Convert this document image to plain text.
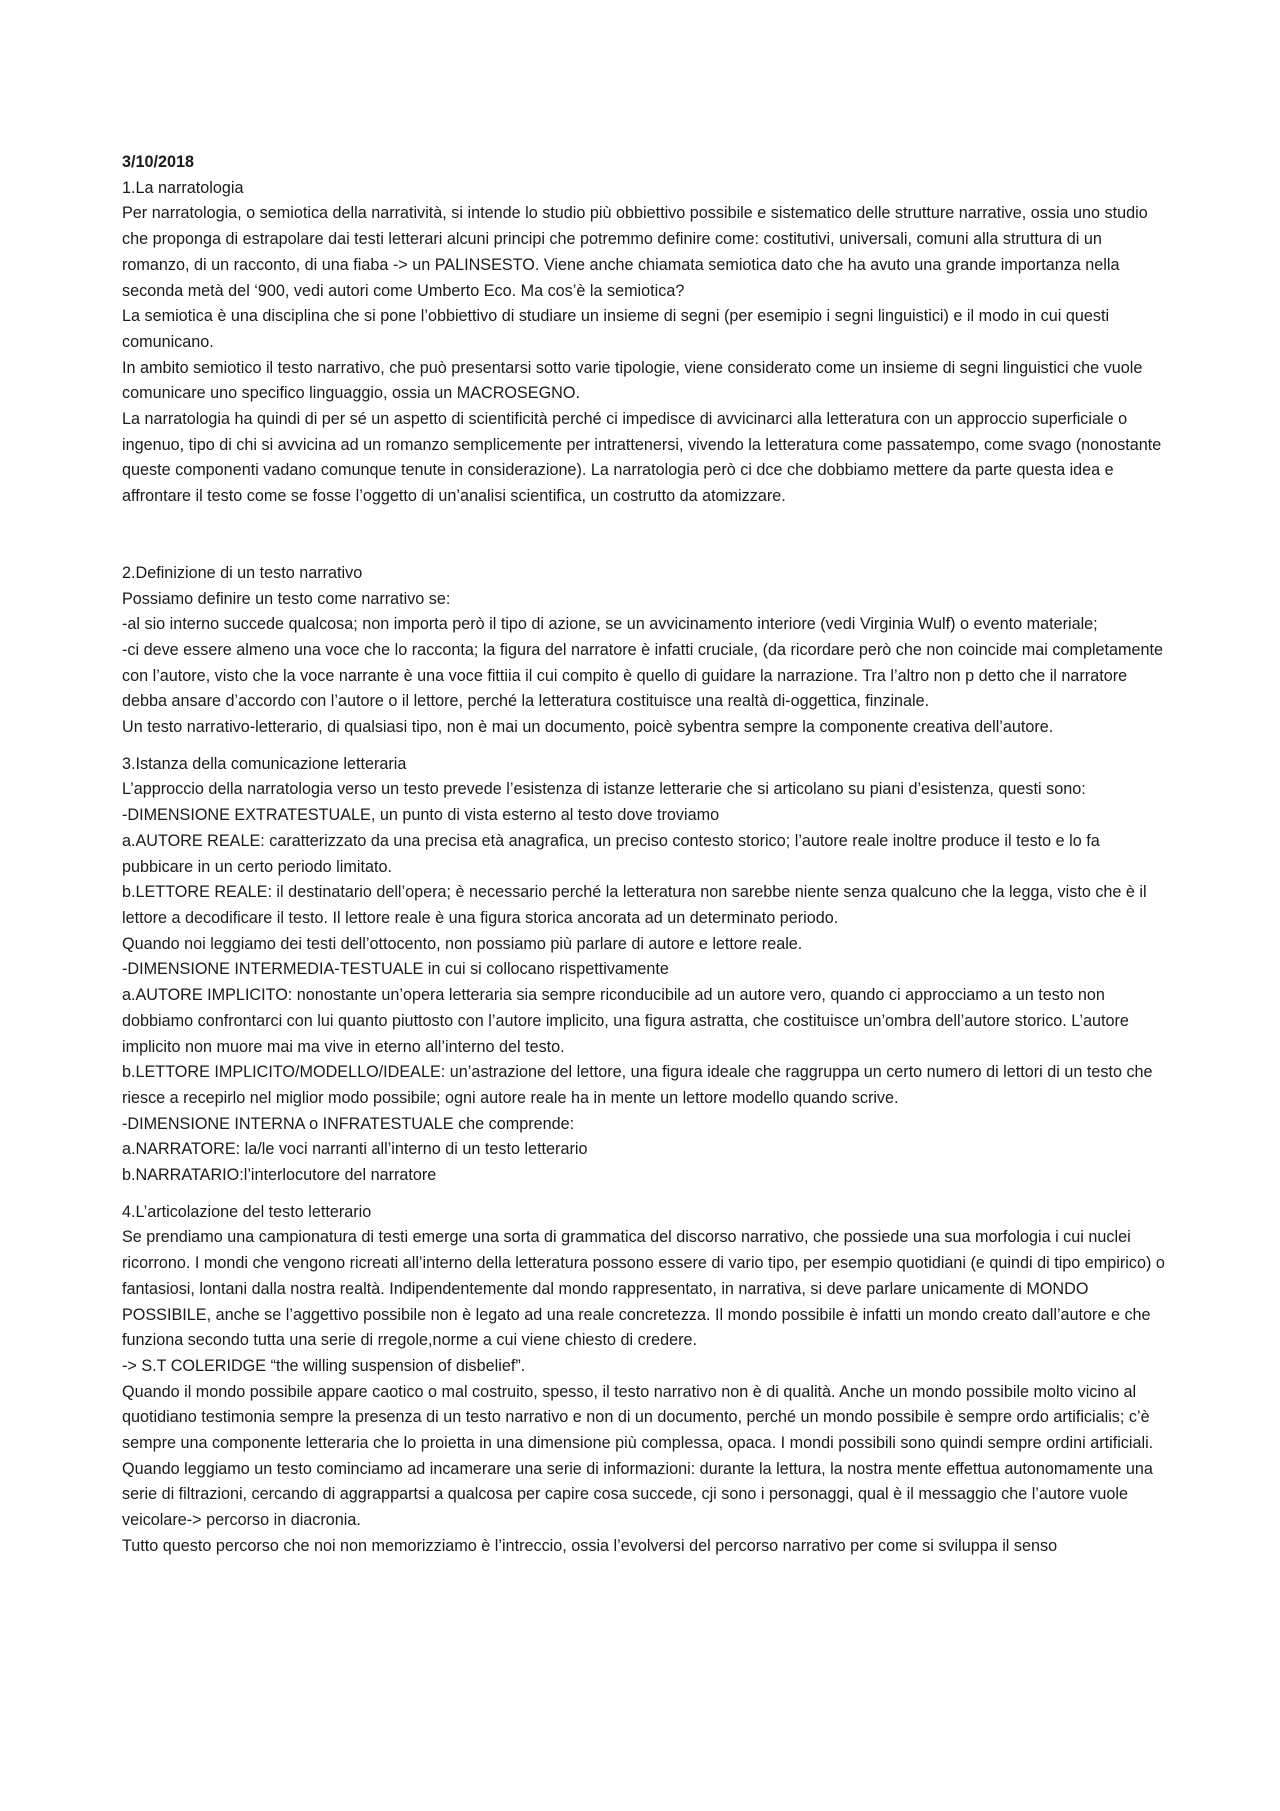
3/10/2018

1.La narratologia

Per narratologia, o semiotica della narratività, si intende lo studio più obbiettivo possibile e sistematico delle strutture narrative, ossia uno studio che proponga di estrapolare dai testi letterari alcuni principi che potremmo definire come: costitutivi, universali, comuni alla struttura di un romanzo, di un racconto, di una fiaba -> un PALINSESTO. Viene anche chiamata semiotica dato che ha avuto una grande importanza nella seconda metà del ‘900, vedi autori come Umberto Eco. Ma cos’è la semiotica?

La semiotica è una disciplina che si pone l’obbiettivo di studiare un insieme di segni (per esemipio i segni linguistici) e il modo in cui questi comunicano.

In ambito semiotico il testo narrativo, che può presentarsi sotto varie tipologie, viene considerato come un insieme di segni linguistici che vuole comunicare uno specifico linguaggio, ossia un MACROSEGNO.

La narratologia ha quindi di per sé un aspetto di scientificità perché ci impedisce di avvicinarci alla letteratura con un approccio superficiale o ingenuo, tipo di chi si avvicina ad un romanzo semplicemente per intrattenersi, vivendo la letteratura come passatempo, come svago (nonostante queste componenti vadano comunque tenute in considerazione). La narratologia però ci dce che dobbiamo mettere da parte questa idea e affrontare il testo come se fosse l’oggetto di un’analisi scientifica, un costrutto da atomizzare.

2.Definizione di un testo narrativo

Possiamo definire un testo come narrativo se:

-al sio interno succede qualcosa; non importa però il tipo di azione, se un avvicinamento interiore (vedi Virginia Wulf) o evento materiale;

-ci deve essere almeno una voce che lo racconta; la figura del narratore è infatti cruciale, (da ricordare però che non coincide mai completamente con l’autore, visto che la voce narrante è una voce fittiia il cui compito è quello di guidare la narrazione. Tra l’altro non p detto che il narratore debba ansare d’accordo con l’autore o il lettore, perché la letteratura costituisce una realtà di-oggettica, finzinale.

Un testo narrativo-letterario, di qualsiasi tipo, non è mai un documento, poicè sybentra sempre la componente creativa dell’autore.

3.Istanza della comunicazione letteraria

L’approccio della narratologia verso un testo prevede l’esistenza di istanze letterarie che si articolano su piani d’esistenza, questi sono:

-DIMENSIONE EXTRATESTUALE, un punto di vista esterno al testo dove troviamo

a.AUTORE REALE: caratterizzato da una precisa età anagrafica, un preciso contesto storico; l’autore reale inoltre produce il testo e lo fa pubbicare in un certo periodo limitato.

b.LETTORE REALE: il destinatario dell’opera; è necessario perché la letteratura non sarebbe niente senza qualcuno che la legga, visto che è il lettore a decodificare il testo. Il lettore reale è una figura storica ancorata ad un determinato periodo.

Quando noi leggiamo dei testi dell’ottocento, non possiamo più parlare di autore e lettore reale.

-DIMENSIONE INTERMEDIA-TESTUALE in cui si collocano rispettivamente

a.AUTORE IMPLICITO: nonostante un’opera letteraria sia sempre riconducibile ad un autore vero, quando ci approcciamo a un testo non dobbiamo confrontarci con lui quanto piuttosto con l’autore implicito, una figura astratta, che costituisce un’ombra dell’autore storico. L’autore implicito non muore mai ma vive in eterno all’interno del testo.

b.LETTORE IMPLICITO/MODELLO/IDEALE: un’astrazione del lettore, una figura ideale che raggruppa un certo numero di lettori di un testo che riesce a recepirlo nel miglior modo possibile; ogni autore reale ha in mente un lettore modello quando scrive.

-DIMENSIONE INTERNA o INFRATESTUALE che comprende:

a.NARRATORE: la/le voci narranti all’interno di un testo letterario

b.NARRATARIO:l’interlocutore del narratore

4.L’articolazione del testo letterario

Se prendiamo una campionatura di testi emerge una sorta di grammatica del discorso narrativo, che possiede una sua morfologia i cui nuclei ricorrono. I mondi che vengono ricreati all’interno della letteratura possono essere di vario tipo, per esempio quotidiani (e quindi di tipo empirico) o fantasiosi, lontani dalla nostra realtà. Indipendentemente dal mondo rappresentato, in narrativa, si deve parlare unicamente di MONDO POSSIBILE, anche se l’aggettivo possibile non è legato ad una reale concretezza. Il mondo possibile è infatti un mondo creato dall’autore e che funziona secondo tutta una serie di rregole,norme a cui viene chiesto di credere.

-> S.T COLERIDGE “the willing suspension of disbelief”.

Quando il mondo possibile appare caotico o mal costruito, spesso, il testo narrativo non è di qualità. Anche un mondo possibile molto vicino al quotidiano testimonia sempre la presenza di un testo narrativo e non di un documento, perché un mondo possibile è sempre ordo artificialis; c’è sempre una componente letteraria che lo proietta in una dimensione più complessa, opaca. I mondi possibili sono quindi sempre ordini artificiali. Quando leggiamo un testo cominciamo ad incamerare una serie di informazioni: durante la lettura, la nostra mente effettua autonomamente una serie di filtrazioni, cercando di aggrappartsi a qualcosa per capire cosa succede, cji sono i personaggi, qual è il messaggio che l’autore vuole veicolare-> percorso in diacronia.

Tutto questo percorso che noi non memorizziamo è l’intreccio, ossia l’evolversi del percorso narrativo per come si sviluppa il senso
